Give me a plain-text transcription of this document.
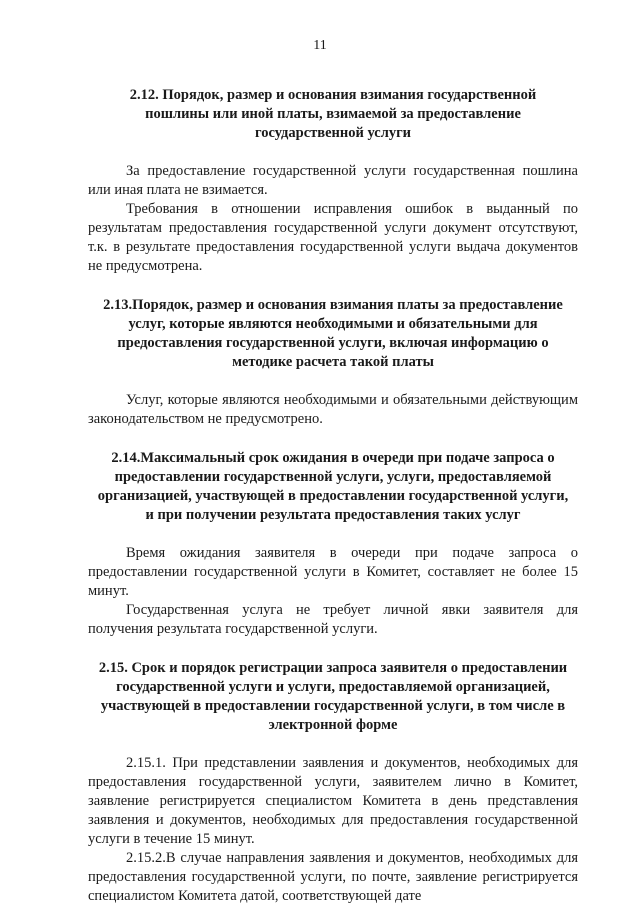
11

2.12. Порядок, размер и основания взимания государственной пошлины или иной платы, взимаемой за предоставление государственной услуги

За предоставление государственной услуги государственная пошлина или иная плата не взимается.

Требования в отношении исправления ошибок в выданный по результатам предоставления государственной услуги документ отсутствуют, т.к. в результате предоставления государственной услуги выдача документов не предусмотрена.

2.13.Порядок, размер и основания взимания платы за предоставление услуг, которые являются необходимыми и обязательными для предоставления государственной услуги, включая информацию о методике расчета такой платы

Услуг, которые являются необходимыми и обязательными действующим законодательством не предусмотрено.

2.14.Максимальный срок ожидания в очереди при подаче запроса о предоставлении государственной услуги, услуги, предоставляемой организацией, участвующей в предоставлении государственной услуги, и при получении результата предоставления таких услуг

Время ожидания заявителя в очереди при подаче запроса о предоставлении государственной услуги в Комитет, составляет не более 15 минут.

Государственная услуга не требует личной явки заявителя для получения результата государственной услуги.

2.15. Срок и порядок регистрации запроса заявителя о предоставлении государственной услуги и услуги, предоставляемой организацией, участвующей в предоставлении государственной услуги, в том числе в электронной форме

2.15.1. При представлении заявления и документов, необходимых для предоставления государственной услуги, заявителем лично в Комитет, заявление регистрируется специалистом Комитета в день представления заявления и документов, необходимых для предоставления государственной услуги в течение 15 минут.

2.15.2.В случае направления заявления и документов, необходимых для предоставления государственной услуги, по почте, заявление регистрируется специалистом Комитета датой, соответствующей дате
